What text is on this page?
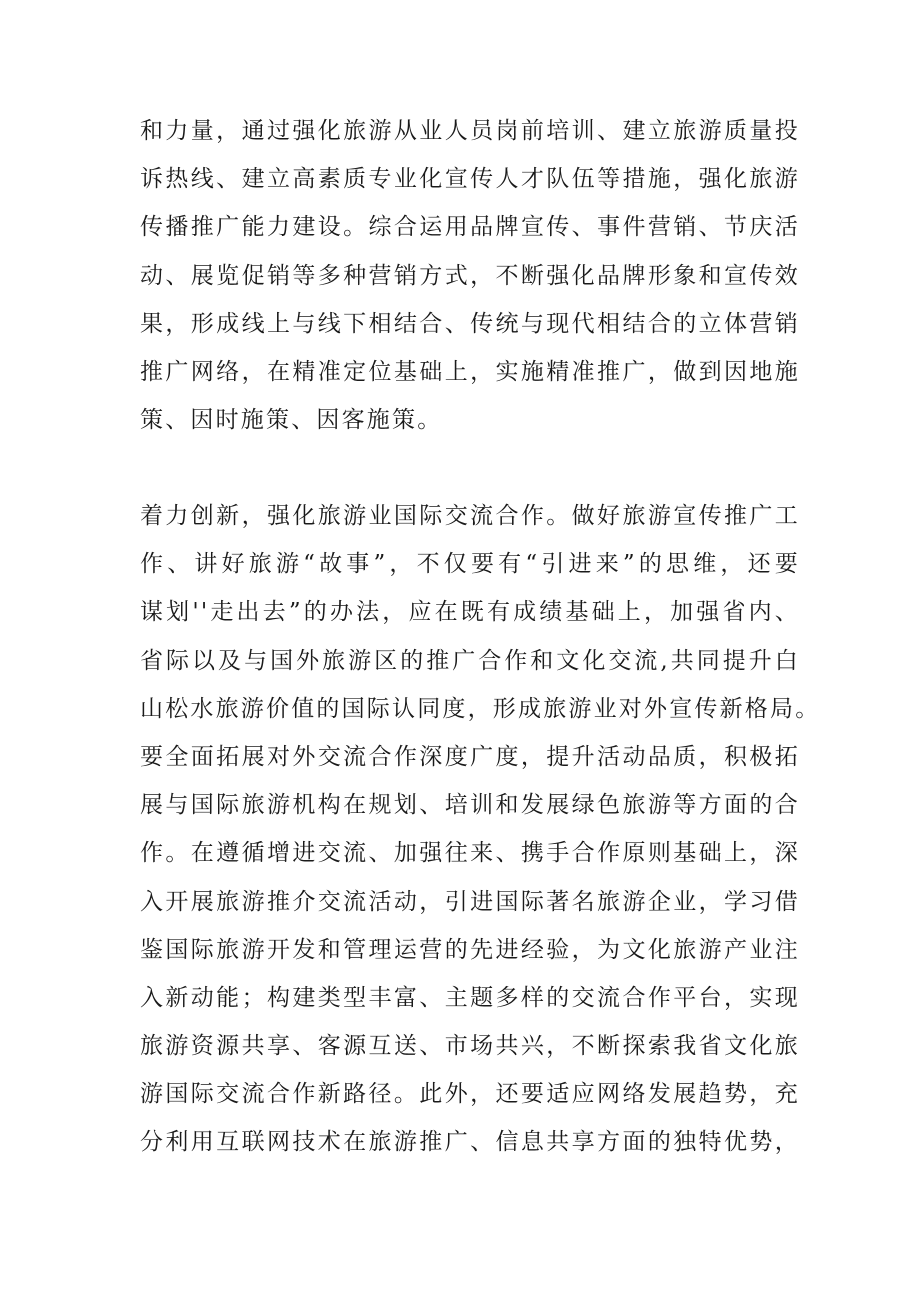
和力量，通过强化旅游从业人员岗前培训、建立旅游质量投
诉热线、建立高素质专业化宣传人才队伍等措施，强化旅游
传播推广能力建设。综合运用品牌宣传、事件营销、节庆活
动、展览促销等多种营销方式，不断强化品牌形象和宣传效
果，形成线上与线下相结合、传统与现代相结合的立体营销
推广网络，在精准定位基础上，实施精准推广，做到因地施
策、因时施策、因客施策。

着力创新，强化旅游业国际交流合作。做好旅游宣传推广工
作、讲好旅游“故事”，不仅要有“引进来”的思维，还要
谋划''走出去”的办法，应在既有成绩基础上，加强省内、
省际以及与国外旅游区的推广合作和文化交流,共同提升白
山松水旅游价值的国际认同度，形成旅游业对外宣传新格局。
要全面拓展对外交流合作深度广度，提升活动品质，积极拓
展与国际旅游机构在规划、培训和发展绿色旅游等方面的合
作。在遵循增进交流、加强往来、携手合作原则基础上，深
入开展旅游推介交流活动，引进国际著名旅游企业，学习借
鉴国际旅游开发和管理运营的先进经验，为文化旅游产业注
入新动能；构建类型丰富、主题多样的交流合作平台，实现
旅游资源共享、客源互送、市场共兴，不断探索我省文化旅
游国际交流合作新路径。此外，还要适应网络发展趋势，充
分利用互联网技术在旅游推广、信息共享方面的独特优势，
